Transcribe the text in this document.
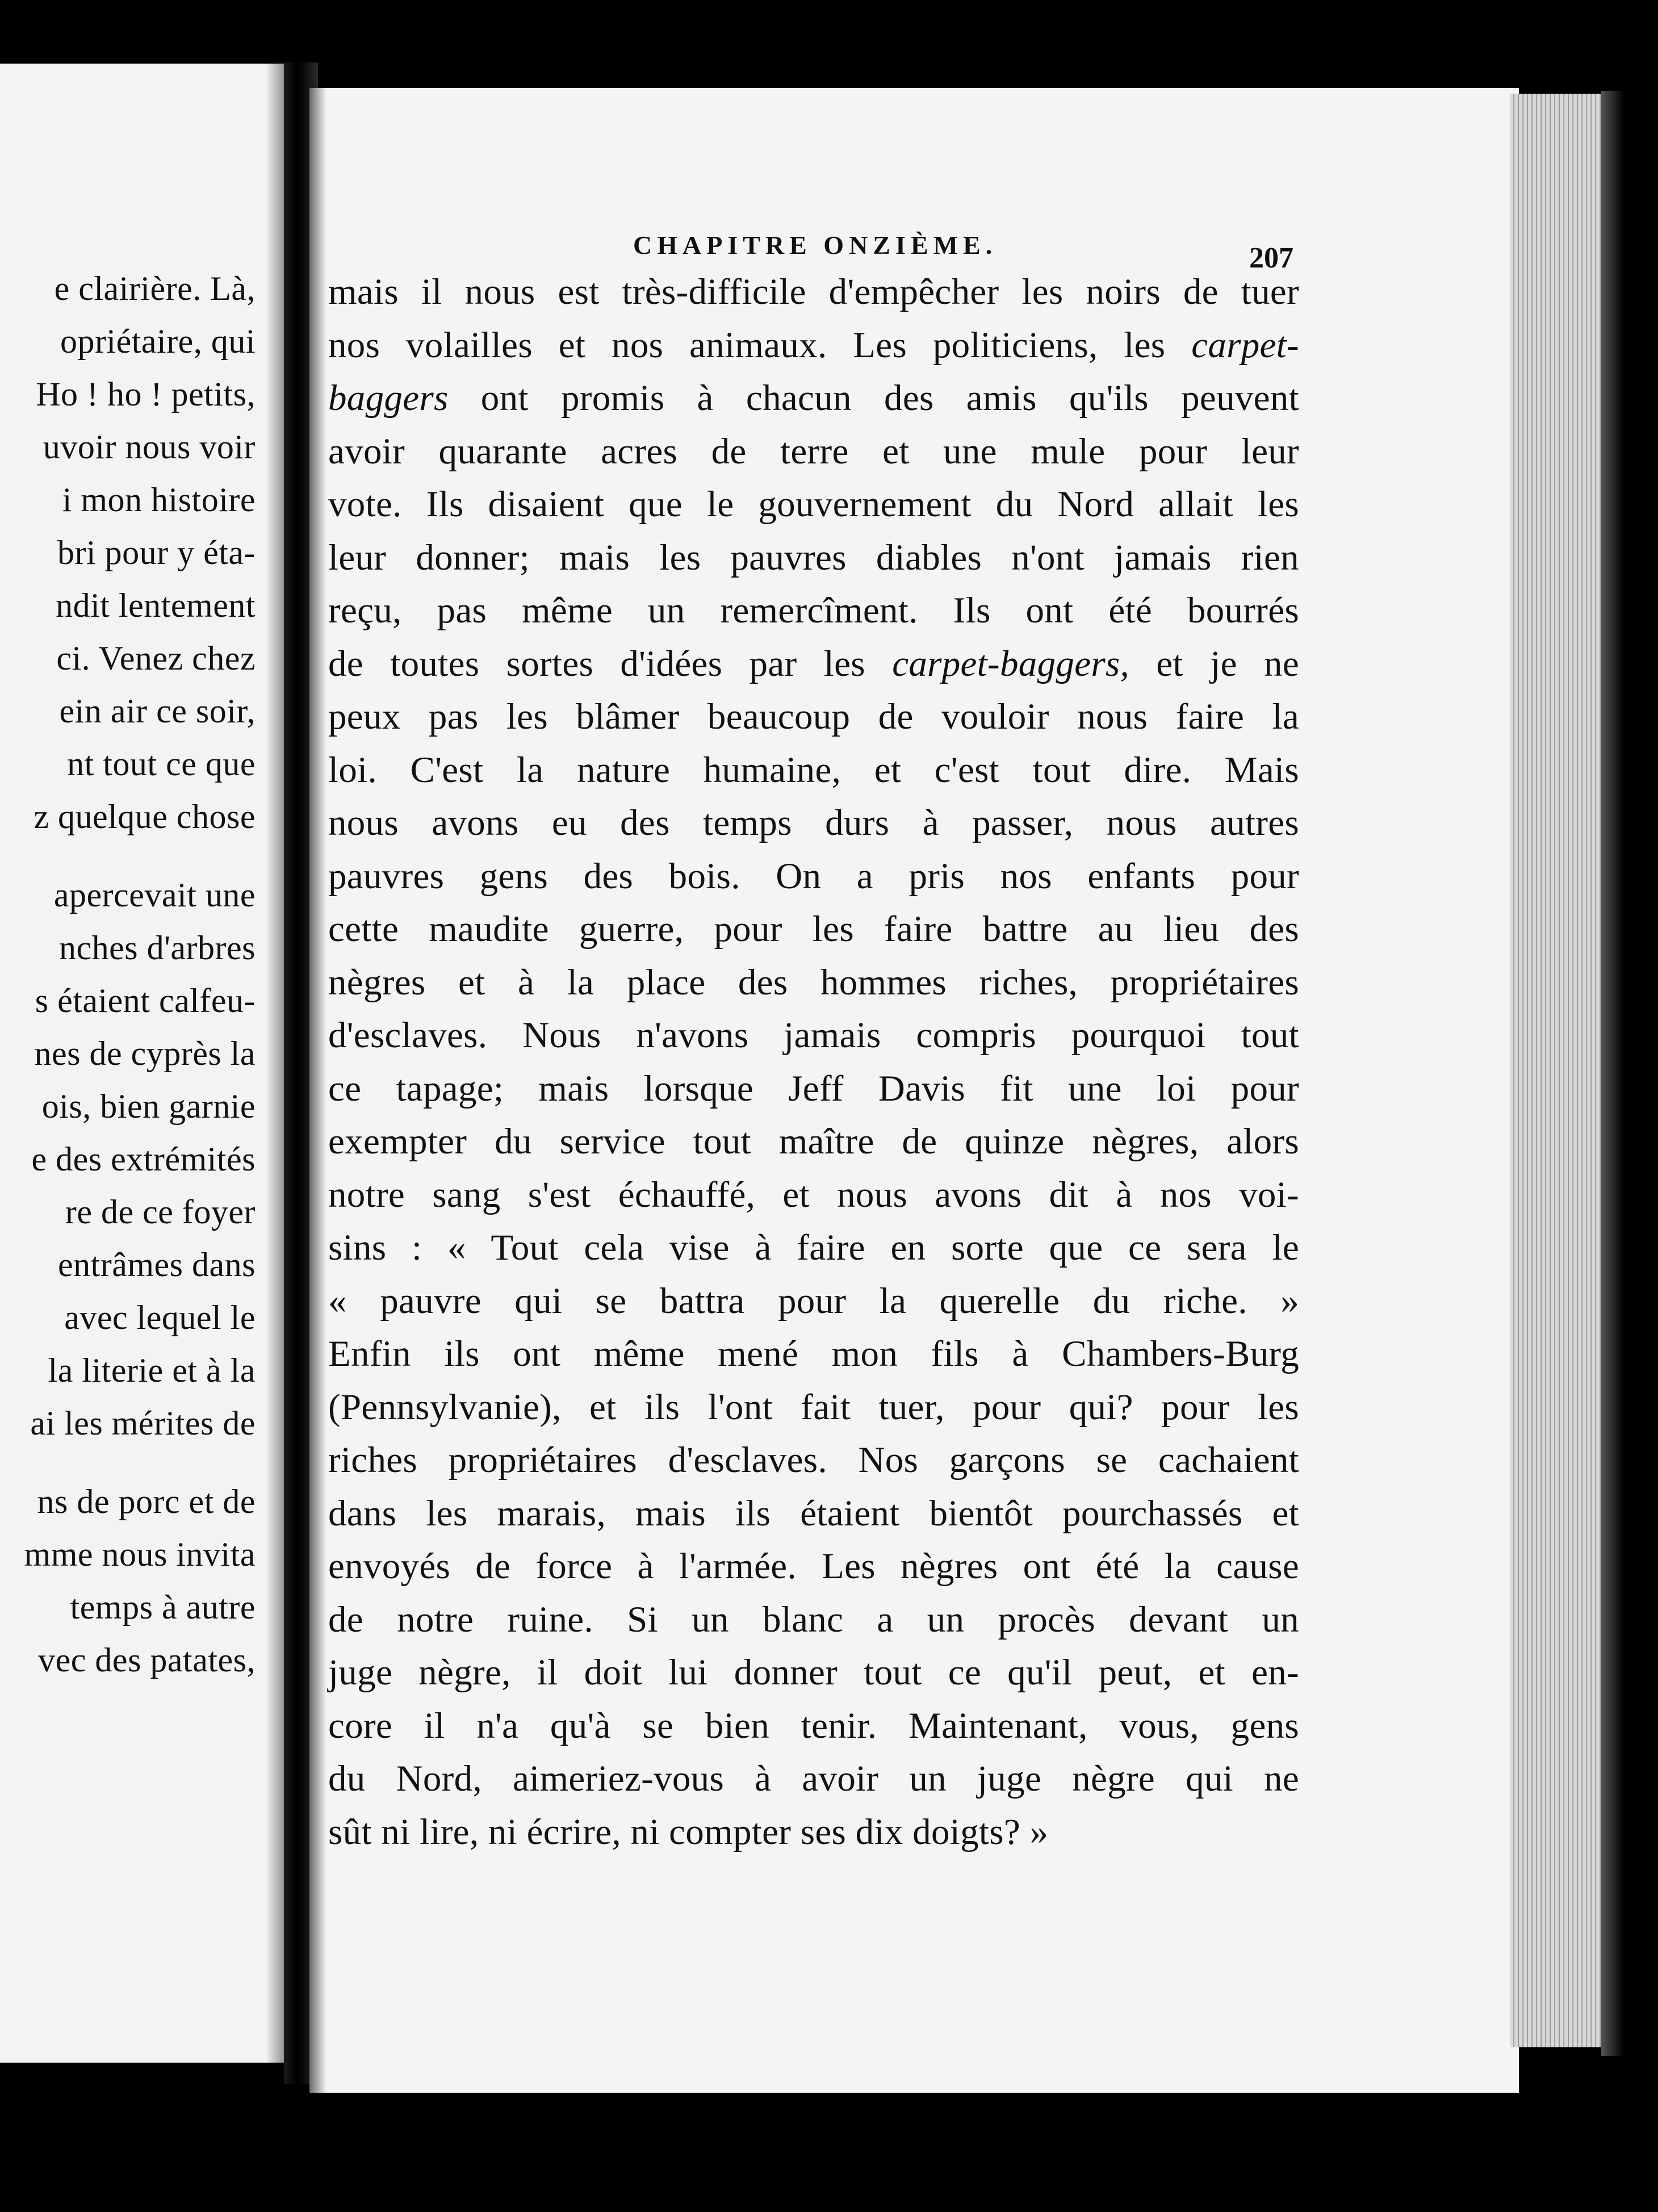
e clairière. Là,
opriétaire, qui
Ho ! ho ! petits,
uvoir nous voir
i mon histoire
bri pour y éta-
ndit lentement
ci. Venez chez
ein air ce soir,
nt tout ce que
z quelque chose
apercevait une
nches d'arbres
s étaient calfeu-
nes de cyprès la
ois, bien garnie
e des extrémités
re de ce foyer
entrâmes dans
avec lequel le
la literie et à la
ai les mérites de
ns de porc et de
mme nous invita
temps à autre
vec des patates,
CHAPITRE ONZIÈME.	207
mais il nous est très-difficile d'empêcher les noirs de tuer
nos volailles et nos animaux. Les politiciens, les carpet-
baggers ont promis à chacun des amis qu'ils peuvent
avoir quarante acres de terre et une mule pour leur
vote. Ils disaient que le gouvernement du Nord allait les
leur donner; mais les pauvres diables n'ont jamais rien
reçu, pas même un remercîment. Ils ont été bourrés
de toutes sortes d'idées par les carpet-baggers, et je ne
peux pas les blâmer beaucoup de vouloir nous faire la
loi. C'est la nature humaine, et c'est tout dire. Mais
nous avons eu des temps durs à passer, nous autres
pauvres gens des bois. On a pris nos enfants pour
cette maudite guerre, pour les faire battre au lieu des
nègres et à la place des hommes riches, propriétaires
d'esclaves. Nous n'avons jamais compris pourquoi tout
ce tapage; mais lorsque Jeff Davis fit une loi pour
exempter du service tout maître de quinze nègres, alors
notre sang s'est échauffé, et nous avons dit à nos voi-
sins : « Tout cela vise à faire en sorte que ce sera le
« pauvre qui se battra pour la querelle du riche. »
Enfin ils ont même mené mon fils à Chambers-Burg
(Pennsylvanie), et ils l'ont fait tuer, pour qui? pour les
riches propriétaires d'esclaves. Nos garçons se cachaient
dans les marais, mais ils étaient bientôt pourchassés et
envoyés de force à l'armée. Les nègres ont été la cause
de notre ruine. Si un blanc a un procès devant un
juge nègre, il doit lui donner tout ce qu'il peut, et en-
core il n'a qu'à se bien tenir. Maintenant, vous, gens
du Nord, aimeriez-vous à avoir un juge nègre qui ne
sût ni lire, ni écrire, ni compter ses dix doigts? »
